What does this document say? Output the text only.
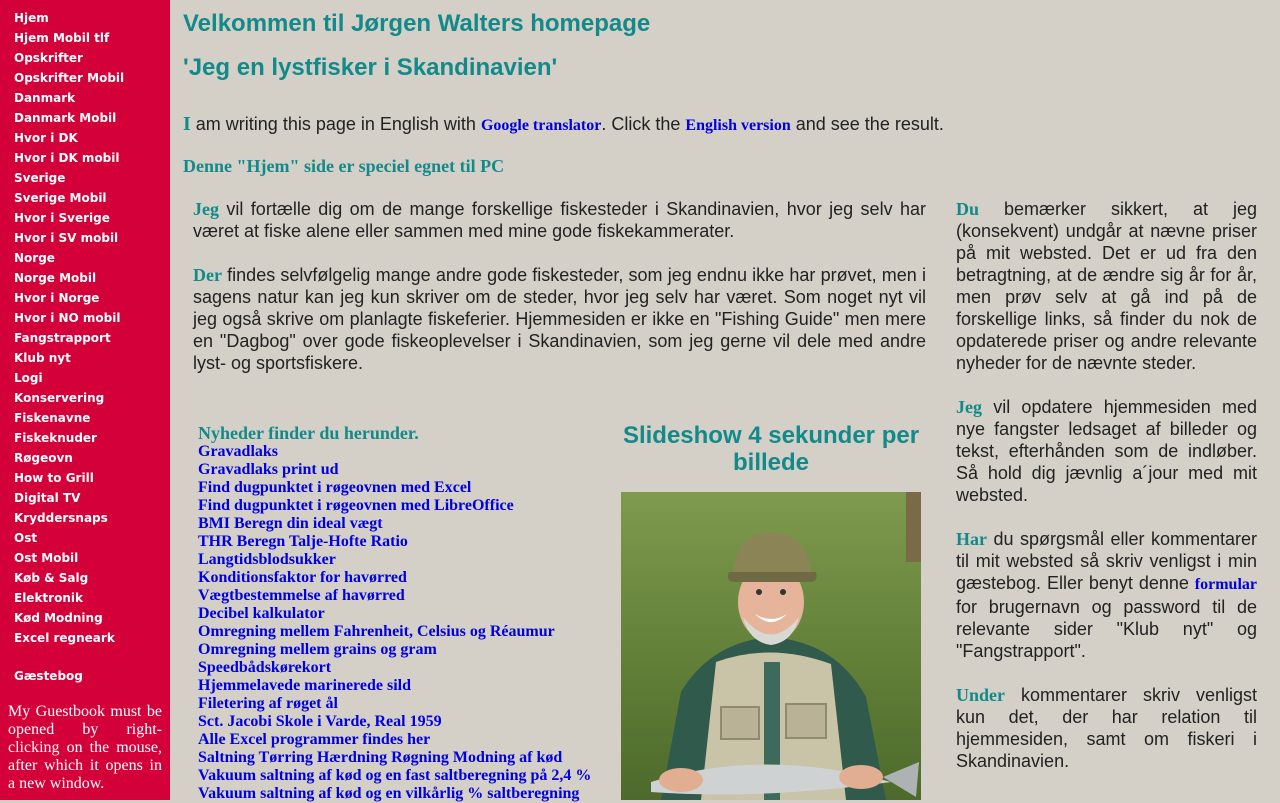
Hjem
Hjem Mobil tlf
Opskrifter
Opskrifter Mobil
Danmark
Danmark Mobil
Hvor i DK
Hvor i DK mobil
Sverige
Sverige Mobil
Hvor i Sverige
Hvor i SV mobil
Norge
Norge Mobil
Hvor i Norge
Hvor i NO mobil
Fangstrapport
Klub nyt
Logi
Konservering
Fiskenavne
Fiskeknuder
Røgeovn
How to Grill
Digital TV
Kryddersnaps
Ost
Ost Mobil
Køb & Salg
Elektronik
Kød Modning
Excel regneark
Gæstebog
My Guestbook must be opened by right-clicking on the mouse, after which it opens in a new window.
Velkommen til Jørgen Walters homepage
'Jeg en lystfisker i Skandinavien'
I am writing this page in English with Google translator. Click the English version and see the result.
Denne "Hjem" side er speciel egnet til PC
Jeg vil fortælle dig om de mange forskellige fiskesteder i Skandinavien, hvor jeg selv har været at fiske alene eller sammen med mine gode fiskekammerater.
Der findes selvfølgelig mange andre gode fiskesteder, som jeg endnu ikke har prøvet, men i sagens natur kan jeg kun skriver om de steder, hvor jeg selv har været. Som noget nyt vil jeg også skrive om planlagte fiskeferier. Hjemmesiden er ikke en "Fishing Guide" men mere en "Dagbog" over gode fiskeoplevelser i Skandinavien, som jeg gerne vil dele med andre lyst- og sportsfiskere.

Du bemærker sikkert, at jeg (konsekvent) undgår at nævne priser på mit websted. Det er ud fra den betragtning, at de ændre sig år for år, men prøv selv at gå ind på de forskellige links, så finder du nok de opdaterede priser og andre relevante nyheder for de nævnte steder.

Jeg vil opdatere hjemmesiden med nye fangster ledsaget af billeder og tekst, efterhånden som de indløber. Så hold dig jævnlig a´jour med mit websted.

Har du spørgsmål eller kommentarer til mit websted så skriv venligst i min gæstebog. Eller benyt denne formular for brugernavn og password til de relevante sider "Klub nyt" og "Fangstrapport".

Under kommentarer skriv venligst kun det, der har relation til hjemmesiden, samt om fiskeri i Skandinavien.

Nyheder finder du herunder.
Gravadlaks
Gravadlaks print ud
Find dugpunktet i røgeovnen med Excel
Find dugpunktet i røgeovnen med LibreOffice
BMI Beregn din ideal vægt
THR Beregn Talje-Hofte Ratio
Langtidsblodsukker
Konditionsfaktor for havørred
Vægtbestemmelse af havørred
Decibel kalkulator
Omregning mellem Fahrenheit, Celsius og Réaumur
Omregning mellem grains og gram
Speedbådskørekort
Hjemmelavede marinerede sild
Filetering af røget ål
Sct. Jacobi Skole i Varde, Real 1959
Alle Excel programmer findes her
Saltning Tørring Hærdning Røgning Modning af kød
Vakuum saltning af kød og en fast saltberegning på 2,4 %
Vakuum saltning af kød og en vilkårlig % saltberegning
Slideshow 4 sekunder per billede
